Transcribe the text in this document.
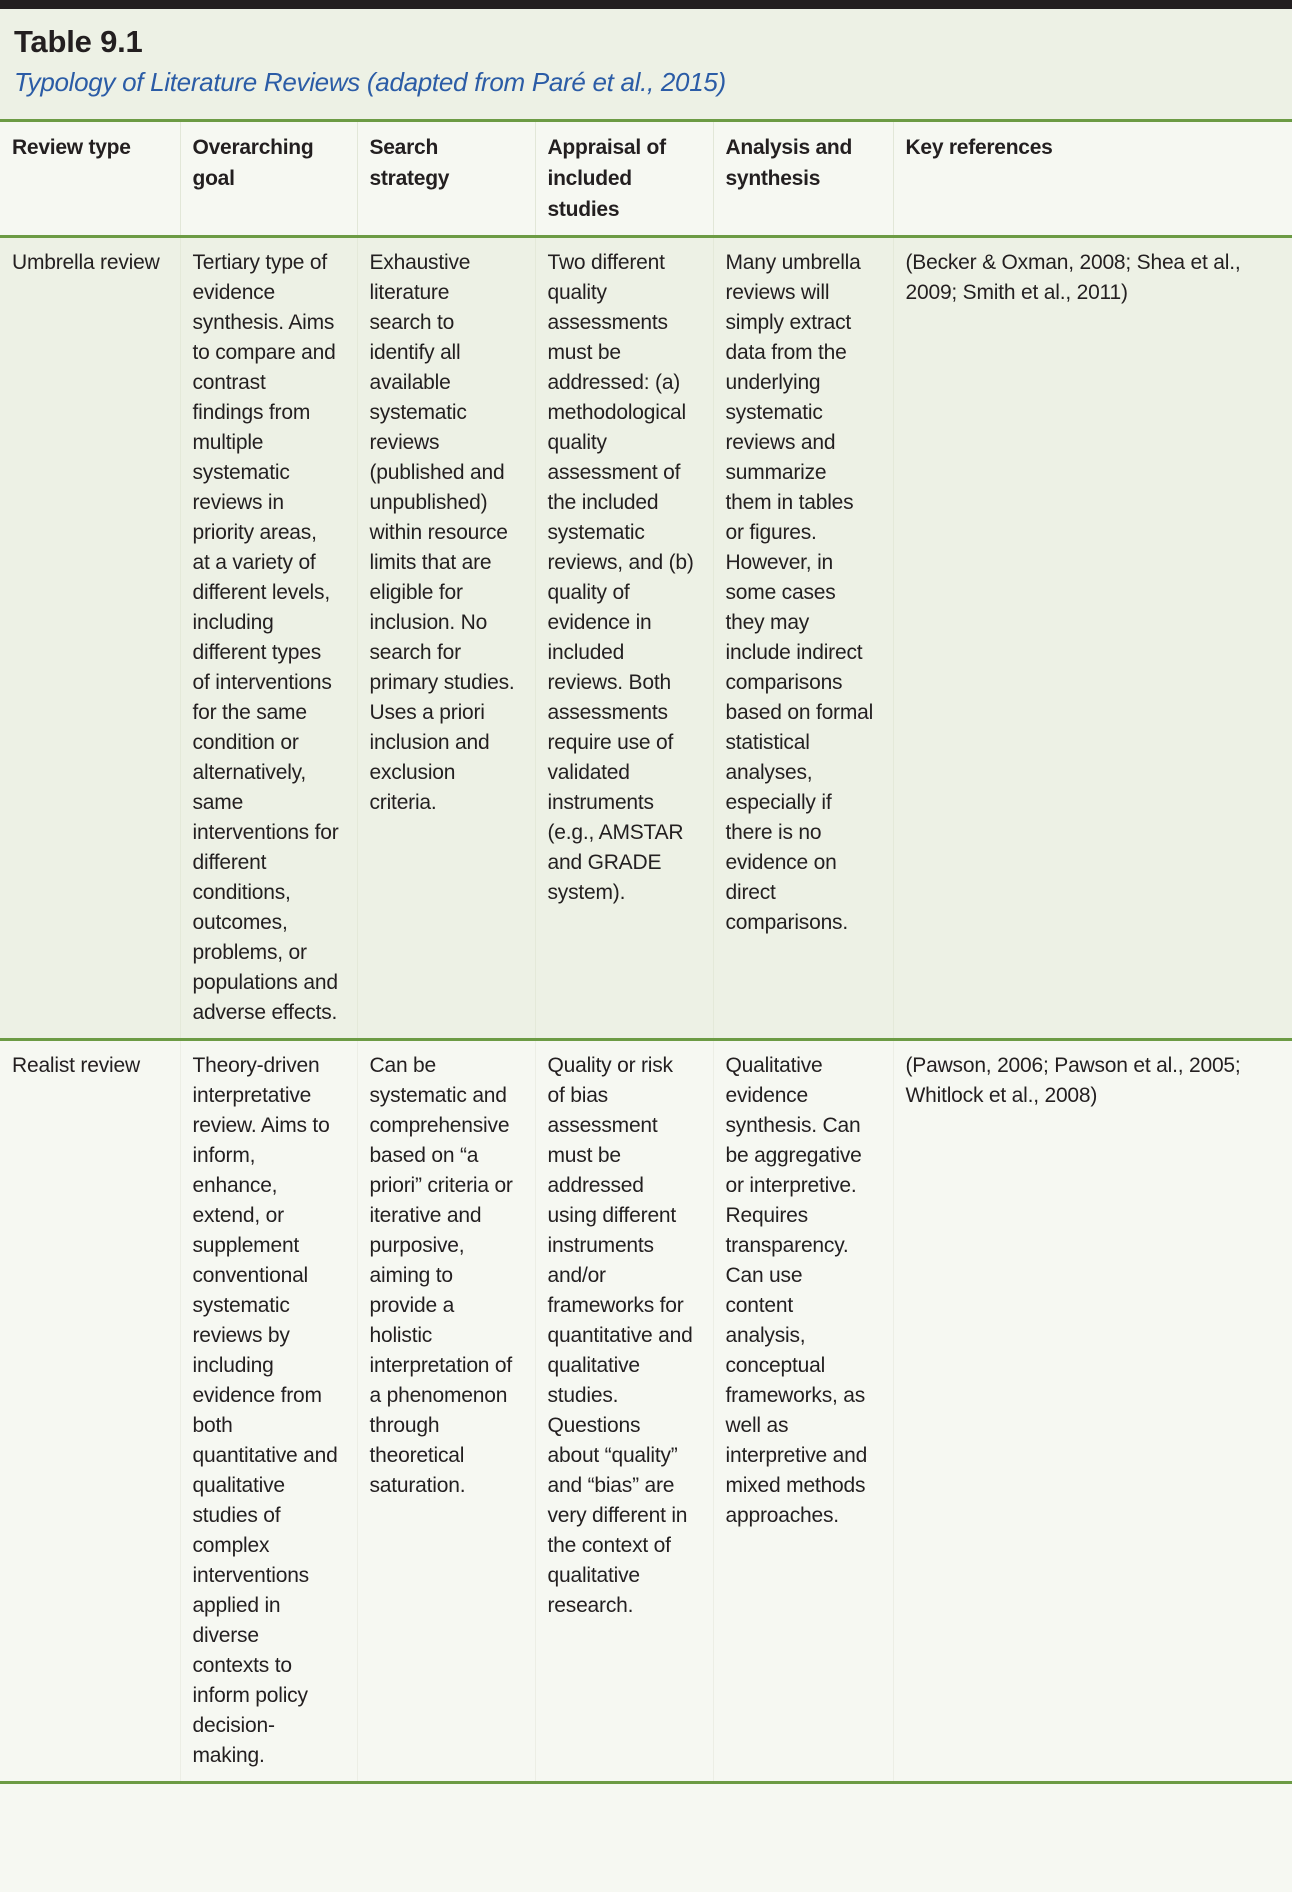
Table 9.1
Typology of Literature Reviews (adapted from Paré et al., 2015)
Review type	Overarching goal	Search strategy	Appraisal of included studies	Analysis and synthesis	Key references
Umbrella review	Tertiary type of evidence synthesis. Aims to compare and contrast findings from multiple systematic reviews in priority areas, at a variety of different levels, including different types of interventions for the same condition or alternatively, same interventions for different conditions, outcomes, problems, or populations and adverse effects.	Exhaustive literature search to identify all available systematic reviews (published and unpublished) within resource limits that are eligible for inclusion. No search for primary studies. Uses a priori inclusion and exclusion criteria.	Two different quality assessments must be addressed: (a) methodological quality assessment of the included systematic reviews, and (b) quality of evidence in included reviews. Both assessments require use of validated instruments (e.g., AMSTAR and GRADE system).	Many umbrella reviews will simply extract data from the underlying systematic reviews and summarize them in tables or figures. However, in some cases they may include indirect comparisons based on formal statistical analyses, especially if there is no evidence on direct comparisons.	(Becker & Oxman, 2008; Shea et al., 2009; Smith et al., 2011)
Realist review	Theory-driven interpretative review. Aims to inform, enhance, extend, or supplement conventional systematic reviews by including evidence from both quantitative and qualitative studies of complex interventions applied in diverse contexts to inform policy decision-making.	Can be systematic and comprehensive based on “a priori” criteria or iterative and purposive, aiming to provide a holistic interpretation of a phenomenon through theoretical saturation.	Quality or risk of bias assessment must be addressed using different instruments and/or frameworks for quantitative and qualitative studies. Questions about “quality” and “bias” are very different in the context of qualitative research.	Qualitative evidence synthesis. Can be aggregative or interpretive. Requires transparency. Can use content analysis, conceptual frameworks, as well as interpretive and mixed methods approaches.	(Pawson, 2006; Pawson et al., 2005; Whitlock et al., 2008)
